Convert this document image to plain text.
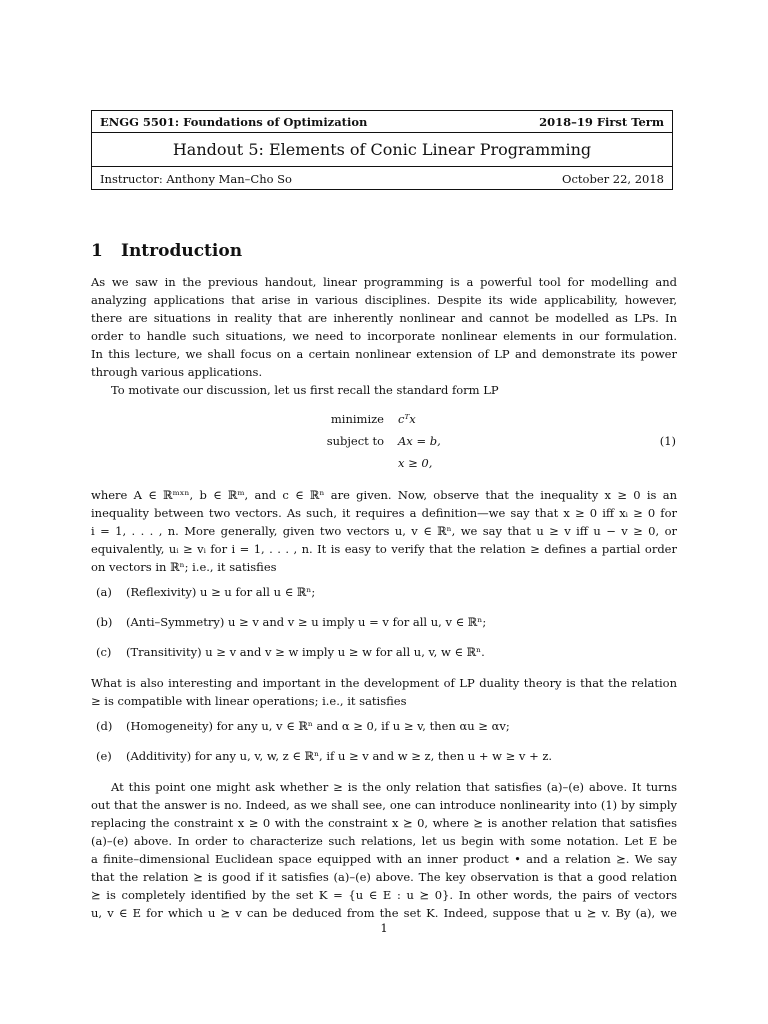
ENGG 5501: Foundations of Optimization	2018–19 First Term
Handout 5: Elements of Conic Linear Programming
Instructor: Anthony Man–Cho So	October 22, 2018
1 Introduction
As we saw in the previous handout, linear programming is a powerful tool for modelling and
analyzing applications that arise in various disciplines. Despite its wide applicability, however,
there are situations in reality that are inherently nonlinear and cannot be modelled as LPs. In
order to handle such situations, we need to incorporate nonlinear elements in our formulation.
In this lecture, we shall focus on a certain nonlinear extension of LP and demonstrate its power
through various applications.
To motivate our discussion, let us first recall the standard form LP
minimize cᵀx
subject to Ax = b,	(1)
x ≥ 0,
where A ∈ ℝᵐˣⁿ, b ∈ ℝᵐ, and c ∈ ℝⁿ are given. Now, observe that the inequality x ≥ 0 is an
inequality between two vectors. As such, it requires a definition—we say that x ≥ 0 iff xᵢ ≥ 0 for
i = 1, . . . , n. More generally, given two vectors u, v ∈ ℝⁿ, we say that u ≥ v iff u − v ≥ 0, or
equivalently, uᵢ ≥ vᵢ for i = 1, . . . , n. It is easy to verify that the relation ≥ defines a partial order
on vectors in ℝⁿ; i.e., it satisfies
(a) (Reflexivity) u ≥ u for all u ∈ ℝⁿ;
(b) (Anti–Symmetry) u ≥ v and v ≥ u imply u = v for all u, v ∈ ℝⁿ;
(c) (Transitivity) u ≥ v and v ≥ w imply u ≥ w for all u, v, w ∈ ℝⁿ.
What is also interesting and important in the development of LP duality theory is that the relation
≥ is compatible with linear operations; i.e., it satisfies
(d) (Homogeneity) for any u, v ∈ ℝⁿ and α ≥ 0, if u ≥ v, then αu ≥ αv;
(e) (Additivity) for any u, v, w, z ∈ ℝⁿ, if u ≥ v and w ≥ z, then u + w ≥ v + z.
At this point one might ask whether ≥ is the only relation that satisfies (a)–(e) above. It turns
out that the answer is no. Indeed, as we shall see, one can introduce nonlinearity into (1) by simply
replacing the constraint x ≥ 0 with the constraint x ⪰ 0, where ⪰ is another relation that satisfies
(a)–(e) above. In order to characterize such relations, let us begin with some notation. Let E be
a finite–dimensional Euclidean space equipped with an inner product • and a relation ⪰. We say
that the relation ⪰ is good if it satisfies (a)–(e) above. The key observation is that a good relation
⪰ is completely identified by the set K = {u ∈ E : u ⪰ 0}. In other words, the pairs of vectors
u, v ∈ E for which u ⪰ v can be deduced from the set K. Indeed, suppose that u ⪰ v. By (a), we
1
